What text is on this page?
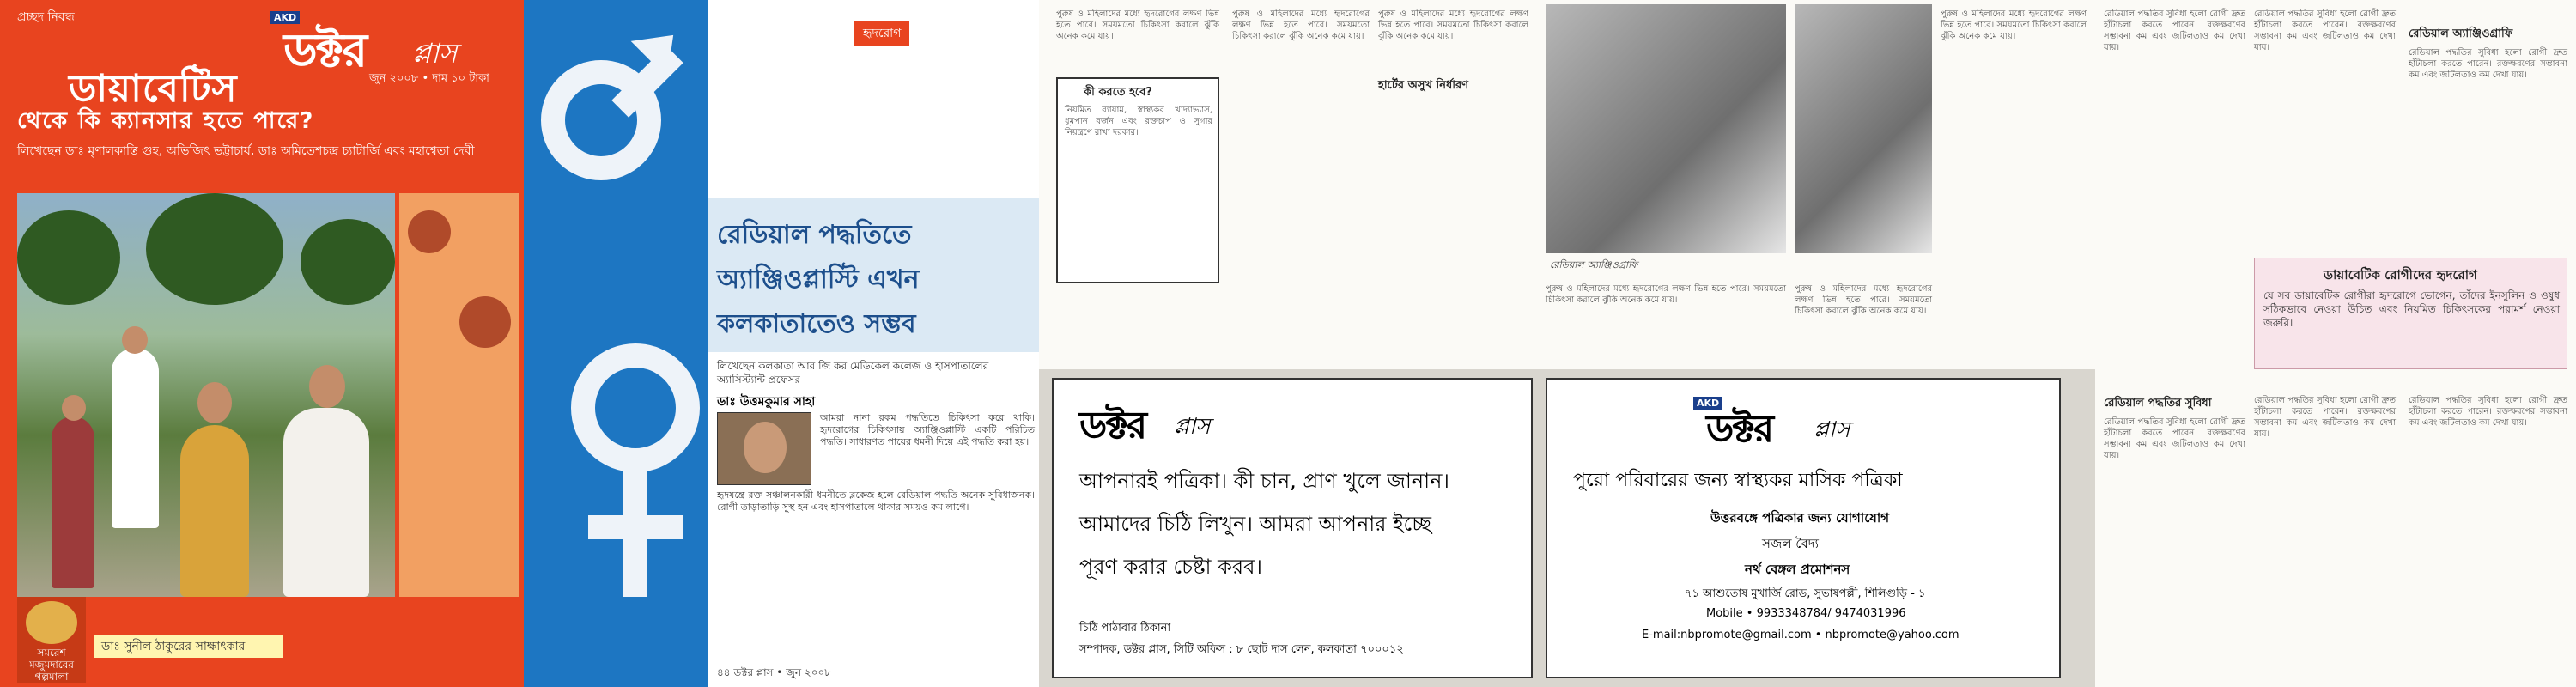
প্রচ্ছদ নিবন্ধ	AKD
ডক্টর প্লাস
জুন ২০০৮ • দাম ১০ টাকা
ডায়াবেটিস
থেকে কি ক্যানসার হতে পারে?
লিখেছেন ডাঃ মৃণালকান্তি গুহ, অভিজিৎ ভট্টাচার্য, ডাঃ অমিতেশচন্দ্র চ্যাটার্জি এবং মহাশ্বেতা দেবী
সমরেশ মজুমদারের গল্পমালা
ডাঃ সুনীল ঠাকুরের সাক্ষাৎকার
হৃদরোগ
রেডিয়াল পদ্ধতিতে অ্যাঞ্জিওপ্লাস্টি এখন কলকাতাতেও সম্ভব
লিখেছেন কলকাতা আর জি কর মেডিকেল কলেজ ও হাসপাতালের অ্যাসিস্ট্যান্ট প্রফেসর
ডাঃ উত্তমকুমার সাহা
আমরা নানা রকম পদ্ধতিতে চিকিৎসা করে থাকি। হৃদরোগের চিকিৎসায় অ্যাঞ্জিওপ্লাস্টি একটি পরিচিত পদ্ধতি। সাধারণত পায়ের ধমনী দিয়ে এই পদ্ধতি করা হয়।
হৃদযন্ত্রে রক্ত সঞ্চালনকারী ধমনীতে ব্লকেজ হলে রেডিয়াল পদ্ধতি অনেক সুবিধাজনক। রোগী তাড়াতাড়ি সুস্থ হন এবং হাসপাতালে থাকার সময়ও কম লাগে।
৪৪ ডক্টর প্লাস • জুন ২০০৮
কী করতে হবে?
নিয়মিত ব্যায়াম, স্বাস্থ্যকর খাদ্যাভ্যাস, ধূমপান বর্জন এবং রক্তচাপ ও সুগার নিয়ন্ত্রণে রাখা দরকার।
পুরুষ ও মহিলাদের মধ্যে হৃদরোগের লক্ষণ ভিন্ন হতে পারে। সময়মতো চিকিৎসা করালে ঝুঁকি অনেক কমে যায়।
পুরুষ ও মহিলাদের মধ্যে হৃদরোগের লক্ষণ ভিন্ন হতে পারে। সময়মতো চিকিৎসা করালে ঝুঁকি অনেক কমে যায়।
পুরুষ ও মহিলাদের মধ্যে হৃদরোগের লক্ষণ ভিন্ন হতে পারে। সময়মতো চিকিৎসা করালে ঝুঁকি অনেক কমে যায়।
হার্টের অসুখ নির্ধারণ
রেডিয়াল অ্যাঞ্জিওগ্রাফি
পুরুষ ও মহিলাদের মধ্যে হৃদরোগের লক্ষণ ভিন্ন হতে পারে। সময়মতো চিকিৎসা করালে ঝুঁকি অনেক কমে যায়।
পুরুষ ও মহিলাদের মধ্যে হৃদরোগের লক্ষণ ভিন্ন হতে পারে। সময়মতো চিকিৎসা করালে ঝুঁকি অনেক কমে যায়।
পুরুষ ও মহিলাদের মধ্যে হৃদরোগের লক্ষণ ভিন্ন হতে পারে। সময়মতো চিকিৎসা করালে ঝুঁকি অনেক কমে যায়।
ডক্টর প্লাস
আপনারই পত্রিকা। কী চান, প্রাণ খুলে জানান।
আমাদের চিঠি লিখুন। আমরা আপনার ইচ্ছে
পূরণ করার চেষ্টা করব।
চিঠি পাঠাবার ঠিকানা
সম্পাদক, ডক্টর প্লাস, সিটি অফিস : ৮ ছোট দাস লেন, কলকাতা ৭০০০১২
AKD
ডক্টর প্লাস
পুরো পরিবারের জন্য স্বাস্থ্যকর মাসিক পত্রিকা
উত্তরবঙ্গে পত্রিকার জন্য যোগাযোগ
সজল বৈদ্য
নর্থ বেঙ্গল প্রমোশনস
৭১ আশুতোষ মুখার্জি রোড, সুভাষপল্লী, শিলিগুড়ি - ১
Mobile • 9933348784/ 9474031996
E-mail:nbpromote@gmail.com • nbpromote@yahoo.com
রেডিয়াল পদ্ধতির সুবিধা হলো রোগী দ্রুত হাঁটাচলা করতে পারেন। রক্তক্ষরণের সম্ভাবনা কম এবং জটিলতাও কম দেখা যায়।
রেডিয়াল পদ্ধতির সুবিধা হলো রোগী দ্রুত হাঁটাচলা করতে পারেন। রক্তক্ষরণের সম্ভাবনা কম এবং জটিলতাও কম দেখা যায়।
রেডিয়াল অ্যাঞ্জিওগ্রাফি
রেডিয়াল পদ্ধতির সুবিধা হলো রোগী দ্রুত হাঁটাচলা করতে পারেন। রক্তক্ষরণের সম্ভাবনা কম এবং জটিলতাও কম দেখা যায়।
ডায়াবেটিক রোগীদের হৃদরোগ
যে সব ডায়াবেটিক রোগীরা হৃদরোগে ভোগেন, তাঁদের ইনসুলিন ও ওষুধ সঠিকভাবে নেওয়া উচিত এবং নিয়মিত চিকিৎসকের পরামর্শ নেওয়া জরুরি।
রেডিয়াল পদ্ধতির সুবিধা
রেডিয়াল পদ্ধতির সুবিধা হলো রোগী দ্রুত হাঁটাচলা করতে পারেন। রক্তক্ষরণের সম্ভাবনা কম এবং জটিলতাও কম দেখা যায়।
রেডিয়াল পদ্ধতির সুবিধা হলো রোগী দ্রুত হাঁটাচলা করতে পারেন। রক্তক্ষরণের সম্ভাবনা কম এবং জটিলতাও কম দেখা যায়।
রেডিয়াল পদ্ধতির সুবিধা হলো রোগী দ্রুত হাঁটাচলা করতে পারেন। রক্তক্ষরণের সম্ভাবনা কম এবং জটিলতাও কম দেখা যায়।
